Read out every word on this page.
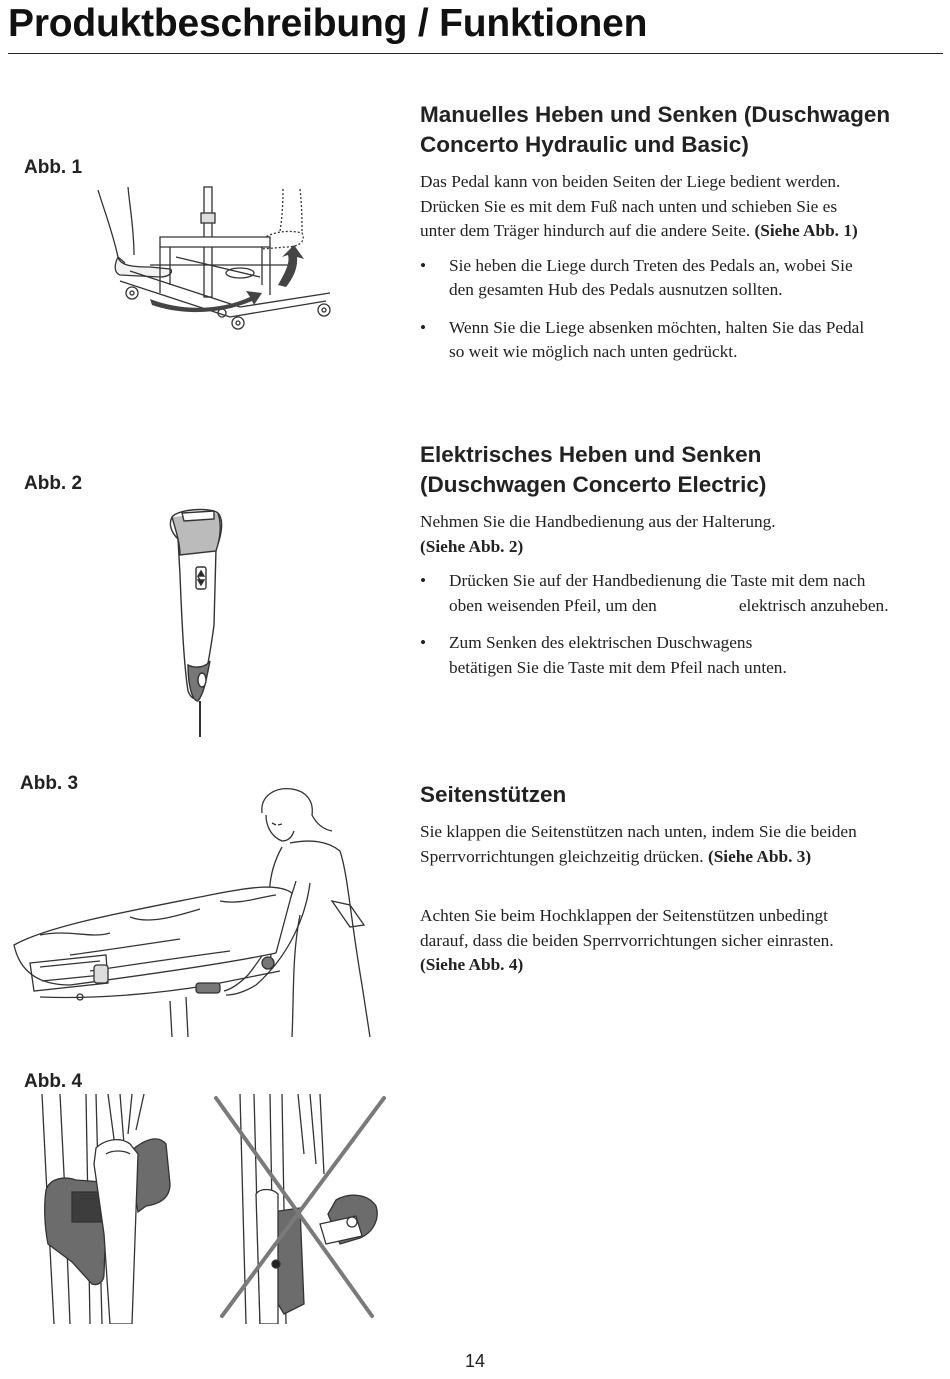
Produktbeschreibung / Funktionen
Abb. 1
Abb. 2
Abb. 3
Abb. 4
Manuelles Heben und Senken (Duschwagen
Concerto Hydraulic und Basic)

Das Pedal kann von beiden Seiten der Liege bedient werden.
Drücken Sie es mit dem Fuß nach unten und schieben Sie es
unter dem Träger hindurch auf die andere Seite. (Siehe Abb. 1)

• Sie heben die Liege durch Treten des Pedals an, wobei Sie
den gesamten Hub des Pedals ausnutzen sollten.
• Wenn Sie die Liege absenken möchten, halten Sie das Pedal
so weit wie möglich nach unten gedrückt.
Elektrisches Heben und Senken
(Duschwagen Concerto Electric)

Nehmen Sie die Handbedienung aus der Halterung.
(Siehe Abb. 2)

• Drücken Sie auf der Handbedienung die Taste mit dem nach
oben weisenden Pfeil, um den	elektrisch anzuheben.
• Zum Senken des elektrischen Duschwagens
betätigen Sie die Taste mit dem Pfeil nach unten.
Seitenstützen

Sie klappen die Seitenstützen nach unten, indem Sie die beiden
Sperrvorrichtungen gleichzeitig drücken. (Siehe Abb. 3)

Achten Sie beim Hochklappen der Seitenstützen unbedingt
darauf, dass die beiden Sperrvorrichtungen sicher einrasten.
(Siehe Abb. 4)

14
